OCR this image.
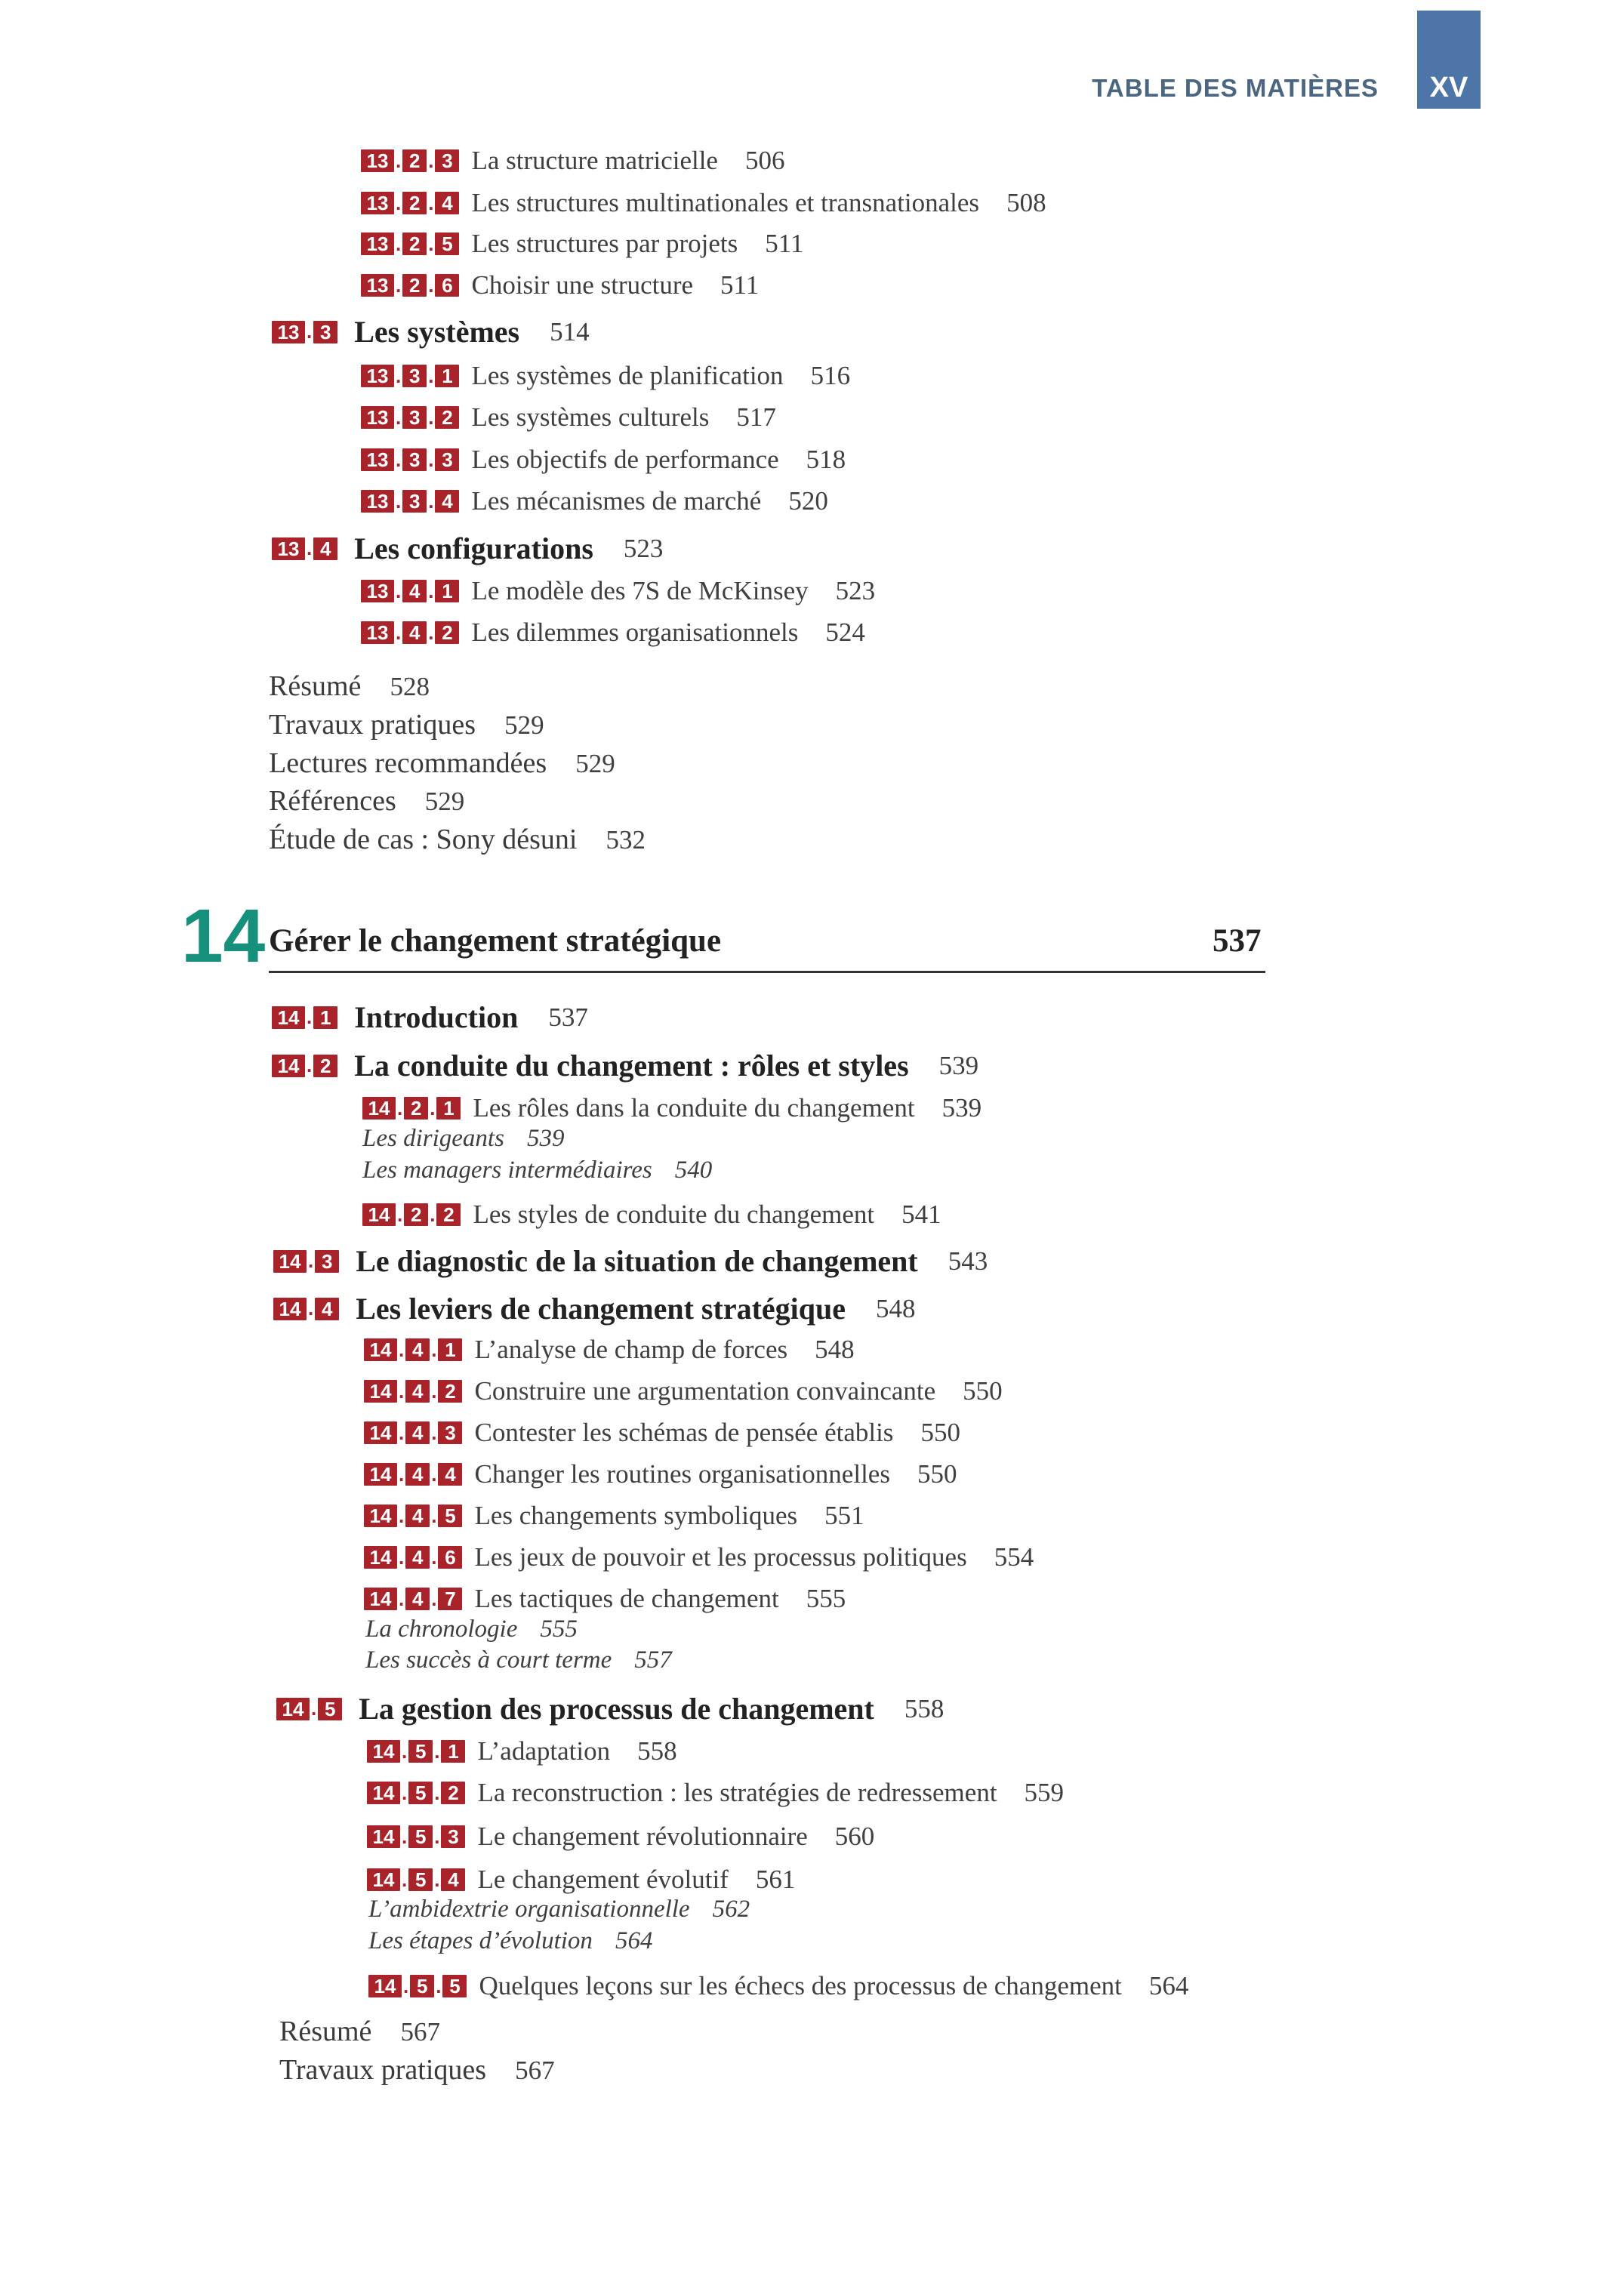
TABLE DES MATIÈRES	XV
13 . 2 . 3 La structure matricielle 506
13 . 2 . 4 Les structures multinationales et transnationales 508
13 . 2 . 5 Les structures par projets 511
13 . 2 . 6 Choisir une structure 511
13 . 3 Les systèmes 514
13 . 3 . 1 Les systèmes de planification 516
13 . 3 . 2 Les systèmes culturels 517
13 . 3 . 3 Les objectifs de performance 518
13 . 3 . 4 Les mécanismes de marché 520
13 . 4 Les configurations 523
13 . 4 . 1 Le modèle des 7S de McKinsey 523
13 . 4 . 2 Les dilemmes organisationnels 524
Résumé 528
Travaux pratiques 529
Lectures recommandées 529
Références 529
Étude de cas : Sony désuni 532
14 Gérer le changement stratégique	537
14 . 1 Introduction 537
14 . 2 La conduite du changement : rôles et styles 539
14 . 2 . 1 Les rôles dans la conduite du changement 539
Les dirigeants 539
Les managers intermédiaires 540
14 . 2 . 2 Les styles de conduite du changement 541
14 . 3 Le diagnostic de la situation de changement 543
14 . 4 Les leviers de changement stratégique 548
14 . 4 . 1 L’analyse de champ de forces 548
14 . 4 . 2 Construire une argumentation convaincante 550
14 . 4 . 3 Contester les schémas de pensée établis 550
14 . 4 . 4 Changer les routines organisationnelles 550
14 . 4 . 5 Les changements symboliques 551
14 . 4 . 6 Les jeux de pouvoir et les processus politiques 554
14 . 4 . 7 Les tactiques de changement 555
La chronologie 555
Les succès à court terme 557
14 . 5 La gestion des processus de changement 558
14 . 5 . 1 L’adaptation 558
14 . 5 . 2 La reconstruction : les stratégies de redressement 559
14 . 5 . 3 Le changement révolutionnaire 560
14 . 5 . 4 Le changement évolutif 561
L’ambidextrie organisationnelle 562
Les étapes d’évolution 564
14 . 5 . 5 Quelques leçons sur les échecs des processus de changement 564
Résumé 567
Travaux pratiques 567
